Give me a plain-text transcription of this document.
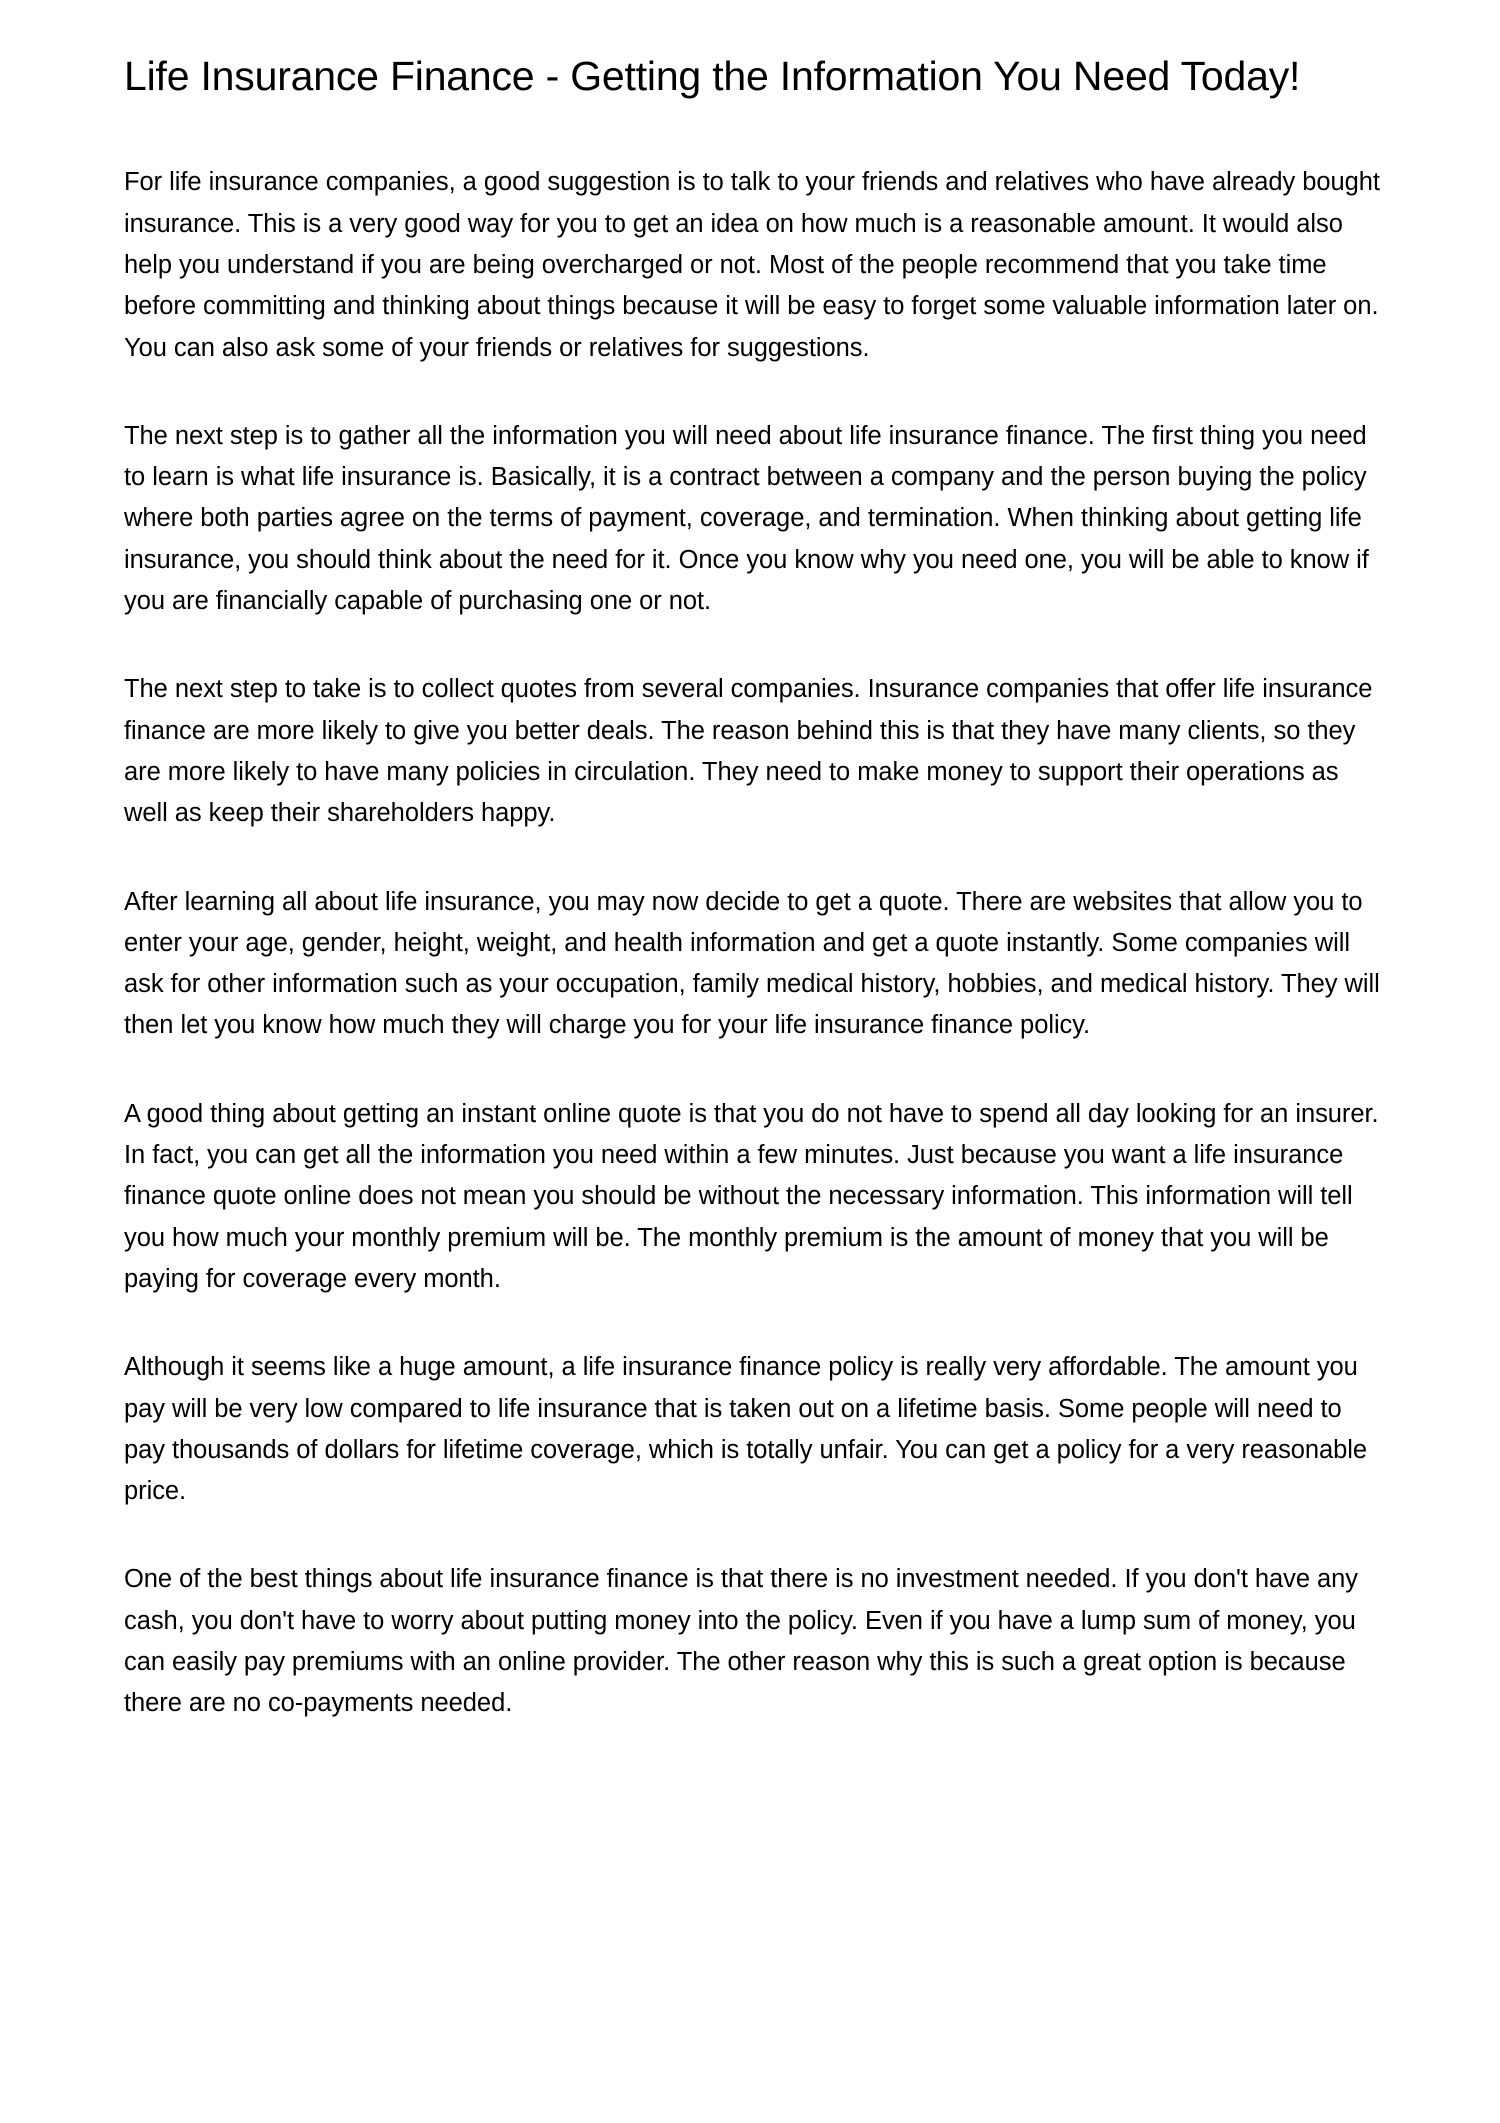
Life Insurance Finance - Getting the Information You Need Today!

For life insurance companies, a good suggestion is to talk to your friends and relatives who have already bought insurance. This is a very good way for you to get an idea on how much is a reasonable amount. It would also help you understand if you are being overcharged or not. Most of the people recommend that you take time before committing and thinking about things because it will be easy to forget some valuable information later on. You can also ask some of your friends or relatives for suggestions.

The next step is to gather all the information you will need about life insurance finance. The first thing you need to learn is what life insurance is. Basically, it is a contract between a company and the person buying the policy where both parties agree on the terms of payment, coverage, and termination. When thinking about getting life insurance, you should think about the need for it. Once you know why you need one, you will be able to know if you are financially capable of purchasing one or not.

The next step to take is to collect quotes from several companies. Insurance companies that offer life insurance finance are more likely to give you better deals. The reason behind this is that they have many clients, so they are more likely to have many policies in circulation. They need to make money to support their operations as well as keep their shareholders happy.

After learning all about life insurance, you may now decide to get a quote. There are websites that allow you to enter your age, gender, height, weight, and health information and get a quote instantly. Some companies will ask for other information such as your occupation, family medical history, hobbies, and medical history. They will then let you know how much they will charge you for your life insurance finance policy.

A good thing about getting an instant online quote is that you do not have to spend all day looking for an insurer. In fact, you can get all the information you need within a few minutes. Just because you want a life insurance finance quote online does not mean you should be without the necessary information. This information will tell you how much your monthly premium will be. The monthly premium is the amount of money that you will be paying for coverage every month.

Although it seems like a huge amount, a life insurance finance policy is really very affordable. The amount you pay will be very low compared to life insurance that is taken out on a lifetime basis. Some people will need to pay thousands of dollars for lifetime coverage, which is totally unfair. You can get a policy for a very reasonable price.

One of the best things about life insurance finance is that there is no investment needed. If you don't have any cash, you don't have to worry about putting money into the policy. Even if you have a lump sum of money, you can easily pay premiums with an online provider. The other reason why this is such a great option is because there are no co-payments needed.
